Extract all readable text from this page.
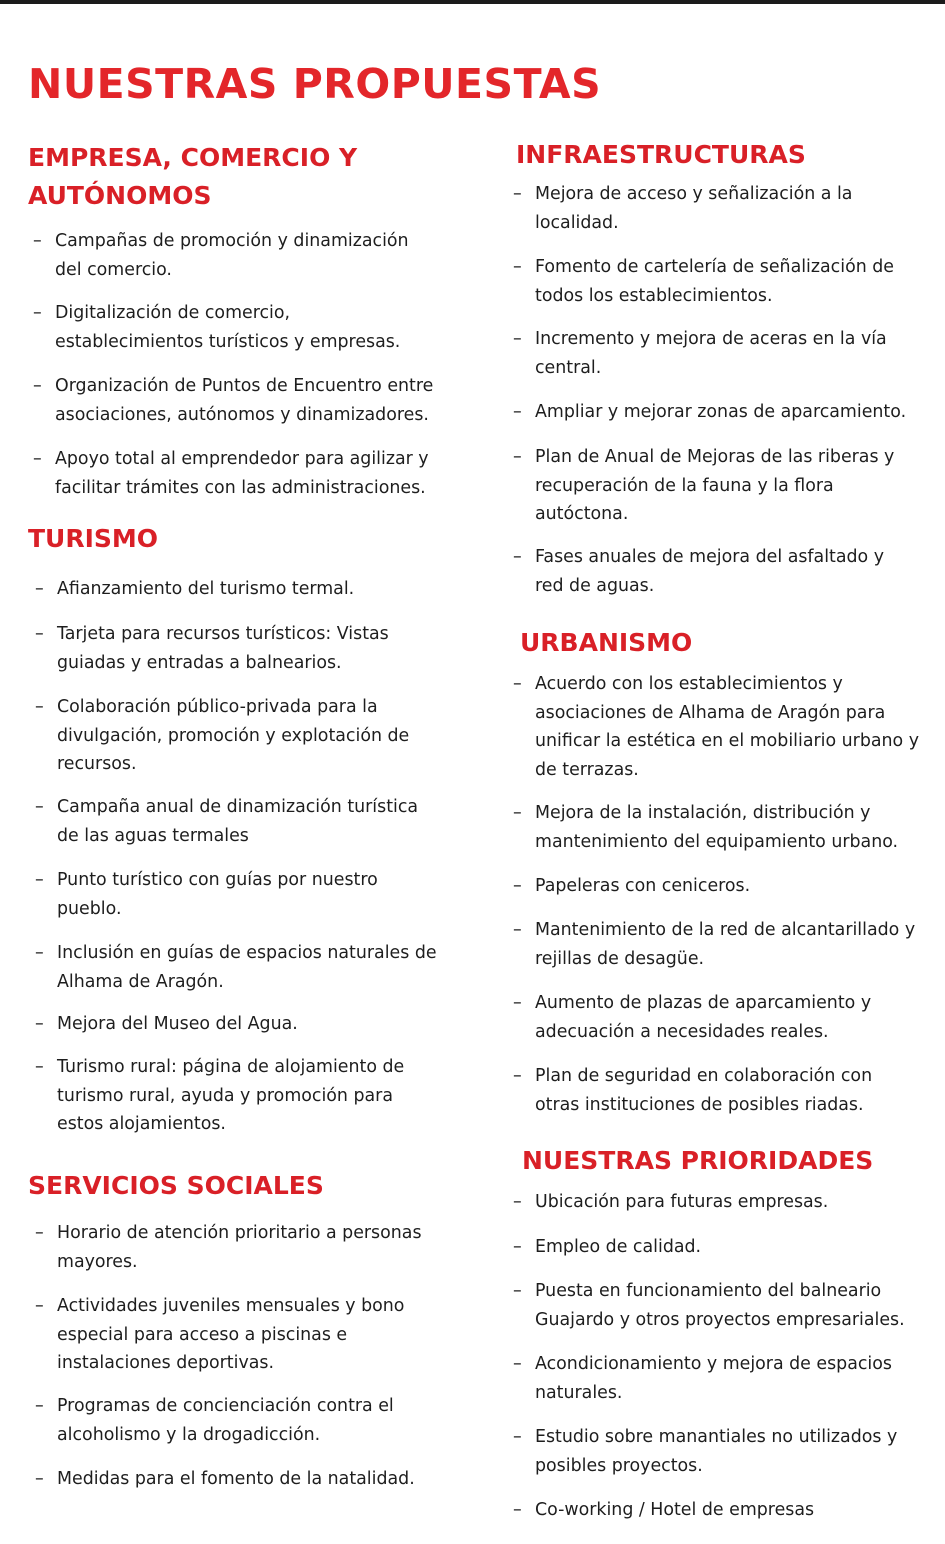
NUESTRAS PROPUESTAS
EMPRESA, COMERCIO Y
AUTÓNOMOS
– Campañas de promoción y dinamización
del comercio.
– Digitalización de comercio,
establecimientos turísticos y empresas.
– Organización de Puntos de Encuentro entre
asociaciones, autónomos y dinamizadores.
– Apoyo total al emprendedor para agilizar y
facilitar trámites con las administraciones.
TURISMO
– Afianzamiento del turismo termal.
– Tarjeta para recursos turísticos: Vistas
guiadas y entradas a balnearios.
– Colaboración público-privada para la
divulgación, promoción y explotación de
recursos.
– Campaña anual de dinamización turística
de las aguas termales
– Punto turístico con guías por nuestro
pueblo.
– Inclusión en guías de espacios naturales de
Alhama de Aragón.
– Mejora del Museo del Agua.
– Turismo rural: página de alojamiento de
turismo rural, ayuda y promoción para
estos alojamientos.
SERVICIOS SOCIALES
– Horario de atención prioritario a personas
mayores.
– Actividades juveniles mensuales y bono
especial para acceso a piscinas e
instalaciones deportivas.
– Programas de concienciación contra el
alcoholismo y la drogadicción.
– Medidas para el fomento de la natalidad.
INFRAESTRUCTURAS
– Mejora de acceso y señalización a la
localidad.
– Fomento de cartelería de señalización de
todos los establecimientos.
– Incremento y mejora de aceras en la vía
central.
– Ampliar y mejorar zonas de aparcamiento.
– Plan de Anual de Mejoras de las riberas y
recuperación de la fauna y la flora
autóctona.
– Fases anuales de mejora del asfaltado y
red de aguas.
URBANISMO
– Acuerdo con los establecimientos y
asociaciones de Alhama de Aragón para
unificar la estética en el mobiliario urbano y
de terrazas.
– Mejora de la instalación, distribución y
mantenimiento del equipamiento urbano.
– Papeleras con ceniceros.
– Mantenimiento de la red de alcantarillado y
rejillas de desagüe.
– Aumento de plazas de aparcamiento y
adecuación a necesidades reales.
– Plan de seguridad en colaboración con
otras instituciones de posibles riadas.
NUESTRAS PRIORIDADES
– Ubicación para futuras empresas.
– Empleo de calidad.
– Puesta en funcionamiento del balneario
Guajardo y otros proyectos empresariales.
– Acondicionamiento y mejora de espacios
naturales.
– Estudio sobre manantiales no utilizados y
posibles proyectos.
– Co-working / Hotel de empresas
